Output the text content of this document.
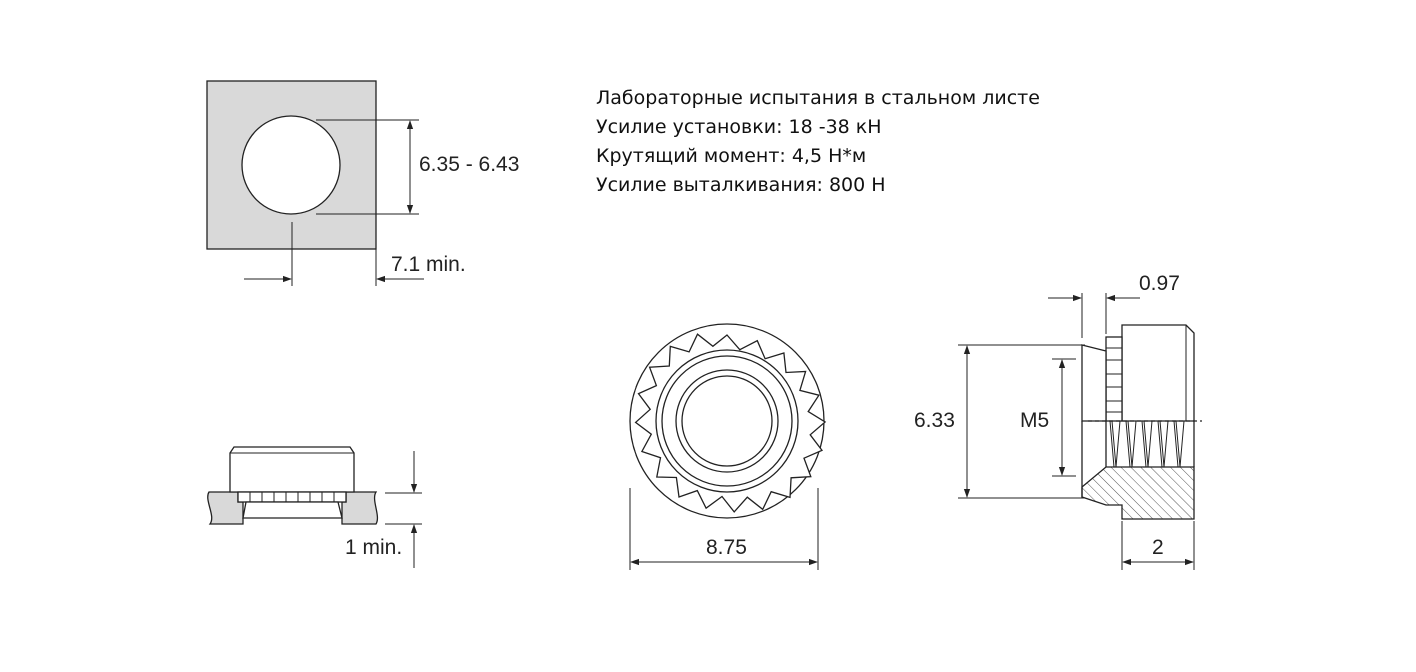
Лабораторные испытания в стальном листе
Усилие установки: 18 -38 кН
Крутящий момент: 4,5 Н*м
Усилие выталкивания: 800 Н
6.35 - 6.43
7.1 min.
1 min.	8.75
0.97
6.33	M5
2
